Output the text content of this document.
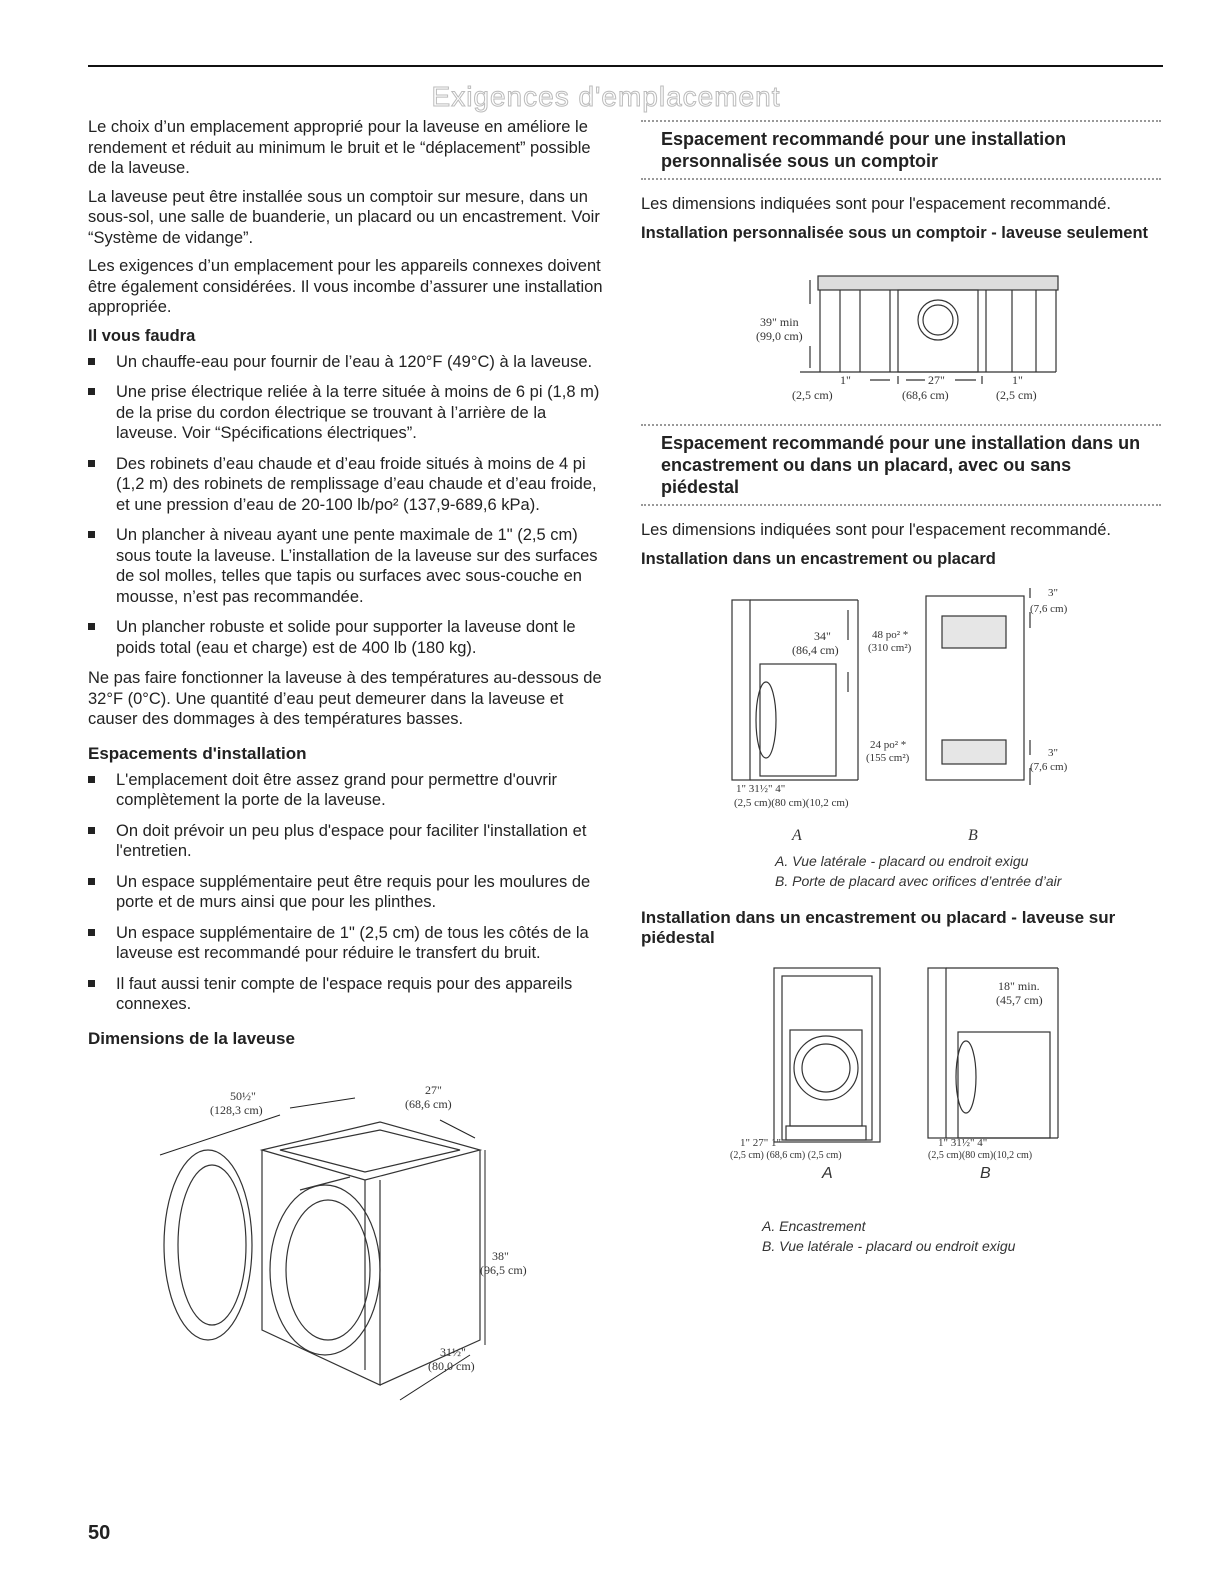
Exigences d'emplacement

Le choix d’un emplacement approprié pour la laveuse en améliore le rendement et réduit au minimum le bruit et le “déplacement” possible de la laveuse.

La laveuse peut être installée sous un comptoir sur mesure, dans un sous-sol, une salle de buanderie, un placard ou un encastrement. Voir “Système de vidange”.

Les exigences d’un emplacement pour les appareils connexes doivent être également considérées. Il vous incombe d’assurer une installation appropriée.

Il vous faudra
Un chauffe-eau pour fournir de l’eau à 120°F (49°C) à la laveuse.
Une prise électrique reliée à la terre située à moins de 6 pi (1,8 m) de la prise du cordon électrique se trouvant à l’arrière de la laveuse. Voir “Spécifications électriques”.
Des robinets d’eau chaude et d’eau froide situés à moins de 4 pi (1,2 m) des robinets de remplissage d’eau chaude et d’eau froide, et une pression d’eau de 20-100 lb/po² (137,9-689,6 kPa).
Un plancher à niveau ayant une pente maximale de 1" (2,5 cm) sous toute la laveuse. L’installation de la laveuse sur des surfaces de sol molles, telles que tapis ou surfaces avec sous-couche en mousse, n’est pas recommandée.
Un plancher robuste et solide pour supporter la laveuse dont le poids total (eau et charge) est de 400 lb (180 kg).

Ne pas faire fonctionner la laveuse à des températures au-dessous de 32°F (0°C). Une quantité d’eau peut demeurer dans la laveuse et causer des dommages à des températures basses.

Espacements d'installation
L'emplacement doit être assez grand pour permettre d'ouvrir complètement la porte de la laveuse.
On doit prévoir un peu plus d'espace pour faciliter l'installation et l'entretien.
Un espace supplémentaire peut être requis pour les moulures de porte et de murs ainsi que pour les plinthes.
Un espace supplémentaire de 1" (2,5 cm) de tous les côtés de la laveuse est recommandé pour réduire le transfert du bruit.
Il faut aussi tenir compte de l'espace requis pour des appareils connexes.
Dimensions de la laveuse
50½"
(128,3 cm)
27"
(68,6 cm)
38"
(96,5 cm)
31½"
(80,0 cm)
Espacement recommandé pour une installation personnalisée sous un comptoir

Les dimensions indiquées sont pour l'espacement recommandé.

Installation personnalisée sous un comptoir - laveuse seulement
39" min
(99,0 cm)
1"
(2,5 cm)
27"
(68,6 cm)
1"
(2,5 cm)
Espacement recommandé pour une installation dans un encastrement ou dans un placard, avec ou sans piédestal

Les dimensions indiquées sont pour l'espacement recommandé.

Installation dans un encastrement ou placard
34"
(86,4 cm)
48 po² *
(310 cm²)
24 po² *
(155 cm²)
3"
(7,6 cm)
3"
(7,6 cm)
1" 31½" 4"
(2,5 cm)(80 cm)(10,2 cm)
A	B
A. Vue latérale - placard ou endroit exigu
B. Porte de placard avec orifices d’entrée d’air
Installation dans un encastrement ou placard - laveuse sur piédestal
18" min.
(45,7 cm)
1" 27" 1"
(2,5 cm) (68,6 cm) (2,5 cm)
1" 31½" 4"
(2,5 cm)(80 cm)(10,2 cm)
A	B
A. Encastrement
B. Vue latérale - placard ou endroit exigu
50
